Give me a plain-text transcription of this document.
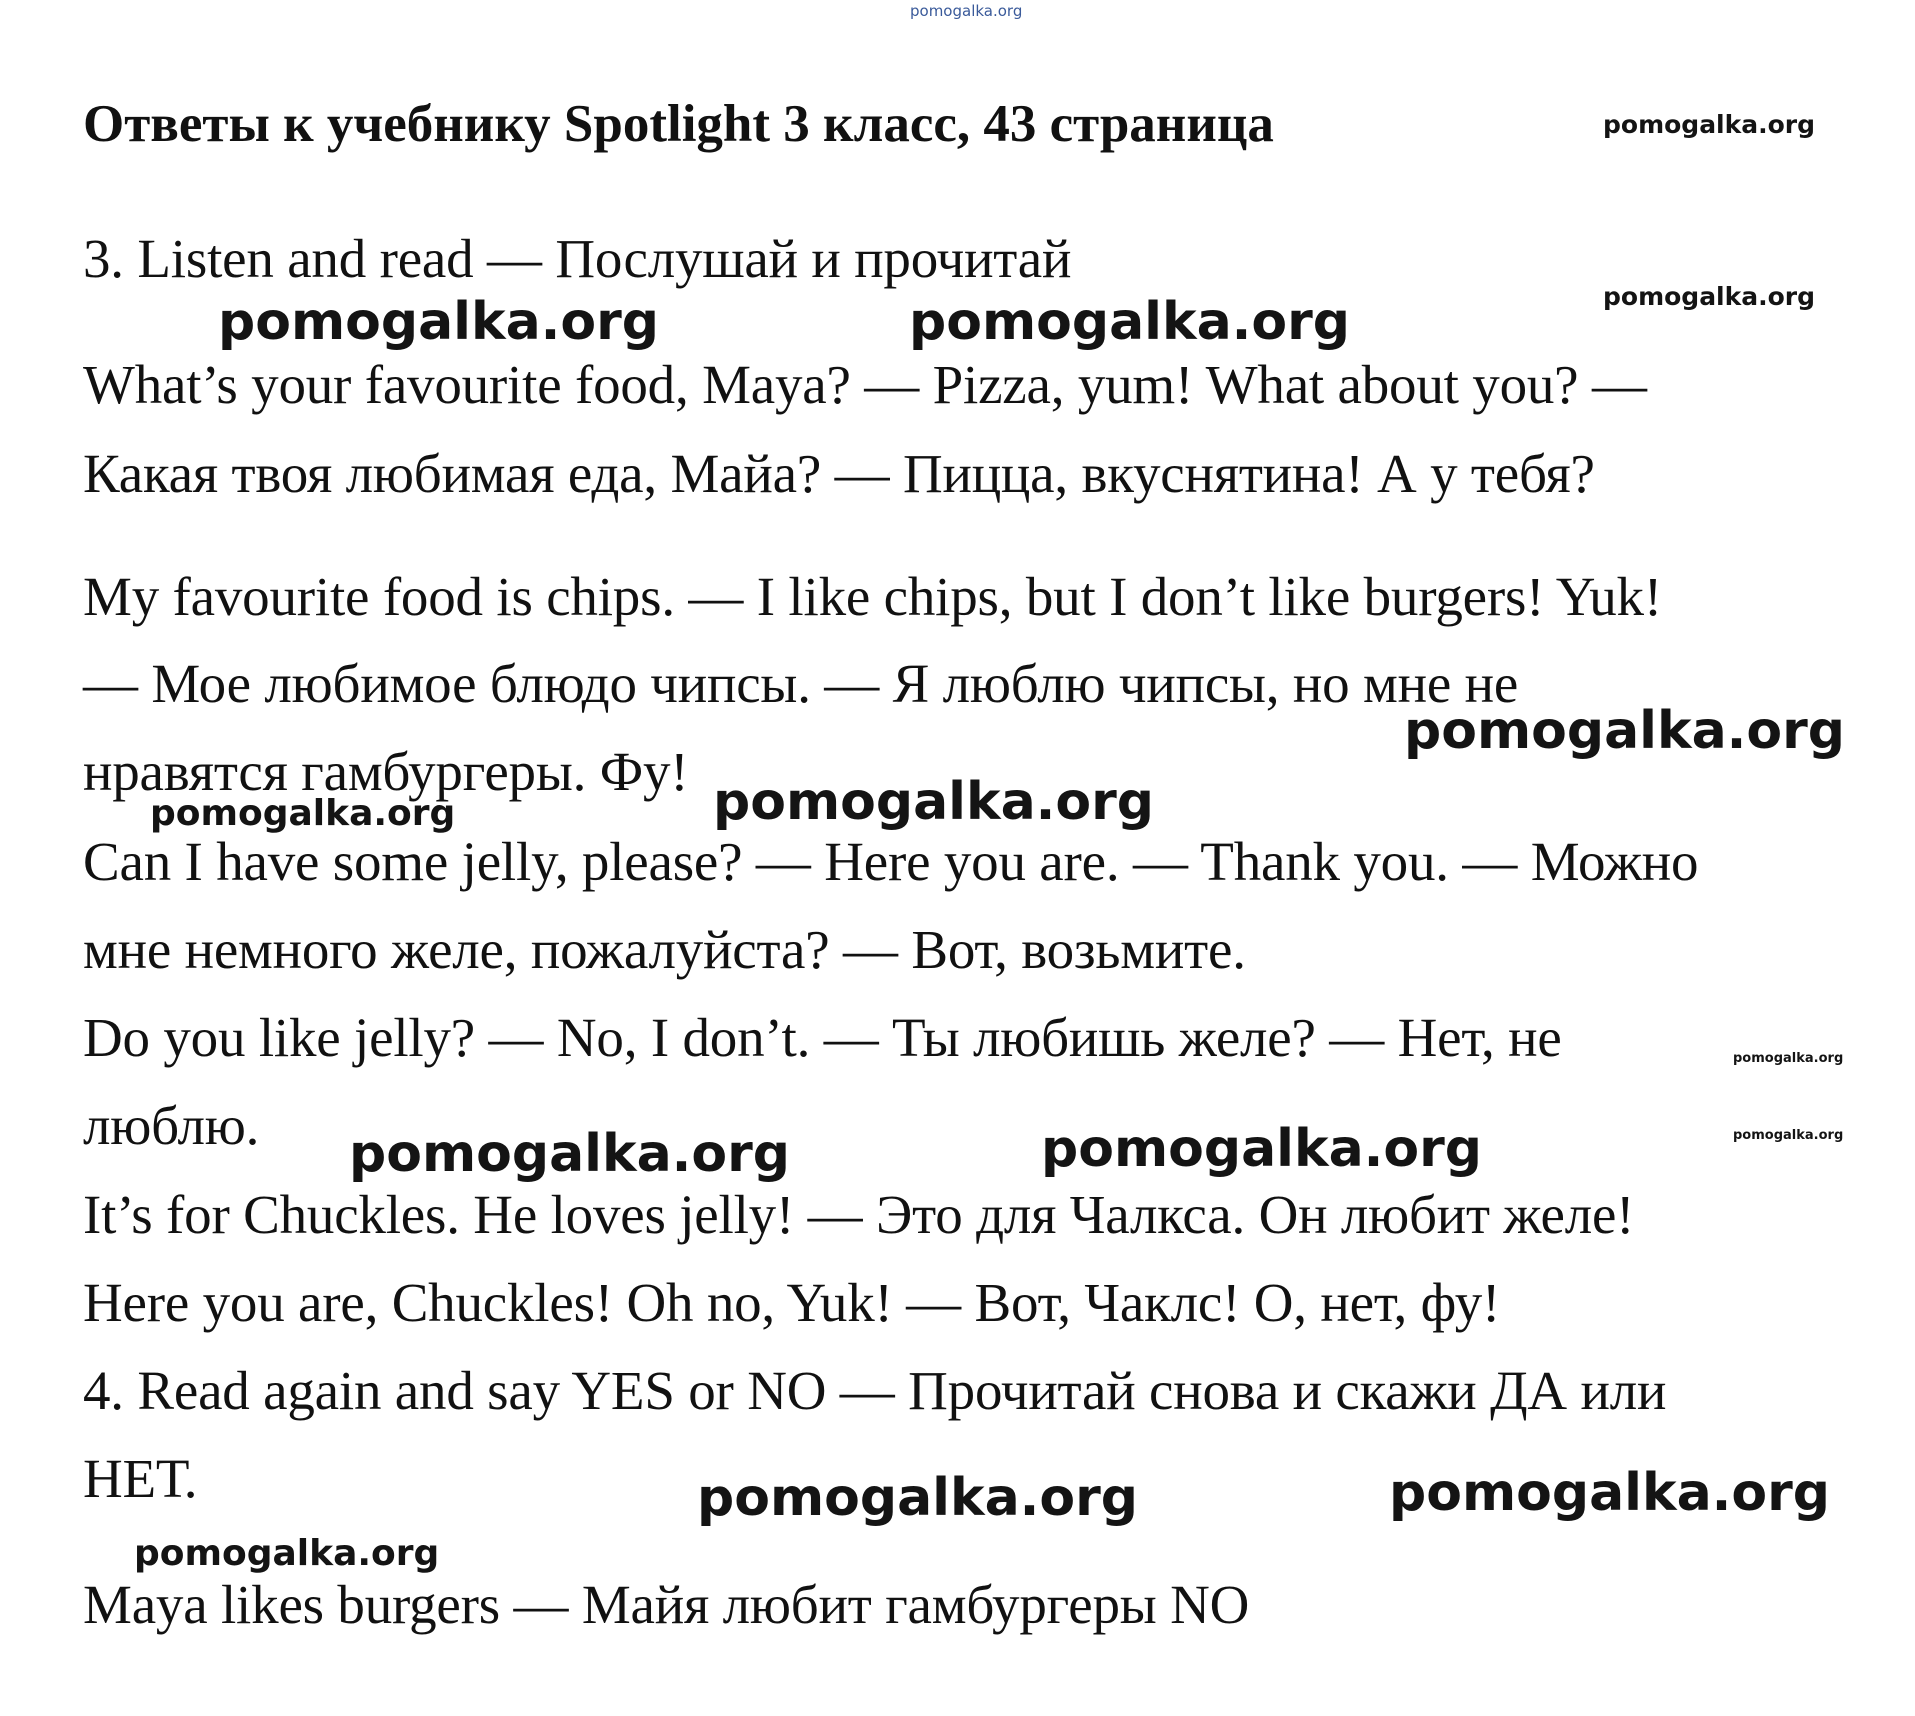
pomogalka.org
Ответы к учебнику Spotlight 3 класс, 43 страница	pomogalka.org
3. Listen and read — Послушай и прочитай
What’s your favourite food, Maya? — Pizza, yum! What about you? —
Какая твоя любимая еда, Майа? — Пицца, вкуснятина! А у тебя?
My favourite food is chips. — I like chips, but I don’t like burgers! Yuk!
— Мое любимое блюдо чипсы. — Я люблю чипсы, но мне не
нравятся гамбургеры. Фу!
Can I have some jelly, please? — Here you are. — Thank you. — Можно
мне немного желе, пожалуйста? — Вот, возьмите.
Do you like jelly? — No, I don’t. — Ты любишь желе? — Нет, не
люблю.
It’s for Chuckles. He loves jelly! — Это для Чалкса. Он любит желе!
Here you are, Chuckles! Oh no, Yuk! — Вот, Чаклс! О, нет, фу!
4. Read again and say YES or NO — Прочитай снова и скажи ДА или
НЕТ.
Maya likes burgers — Майя любит гамбургеры NO
pomogalka.org
pomogalka.org	pomogalka.org
pomogalka.org
pomogalka.org
pomogalka.org
pomogalka.org
pomogalka.org
pomogalka.org	pomogalka.org
pomogalka.org	pomogalka.org
pomogalka.org
